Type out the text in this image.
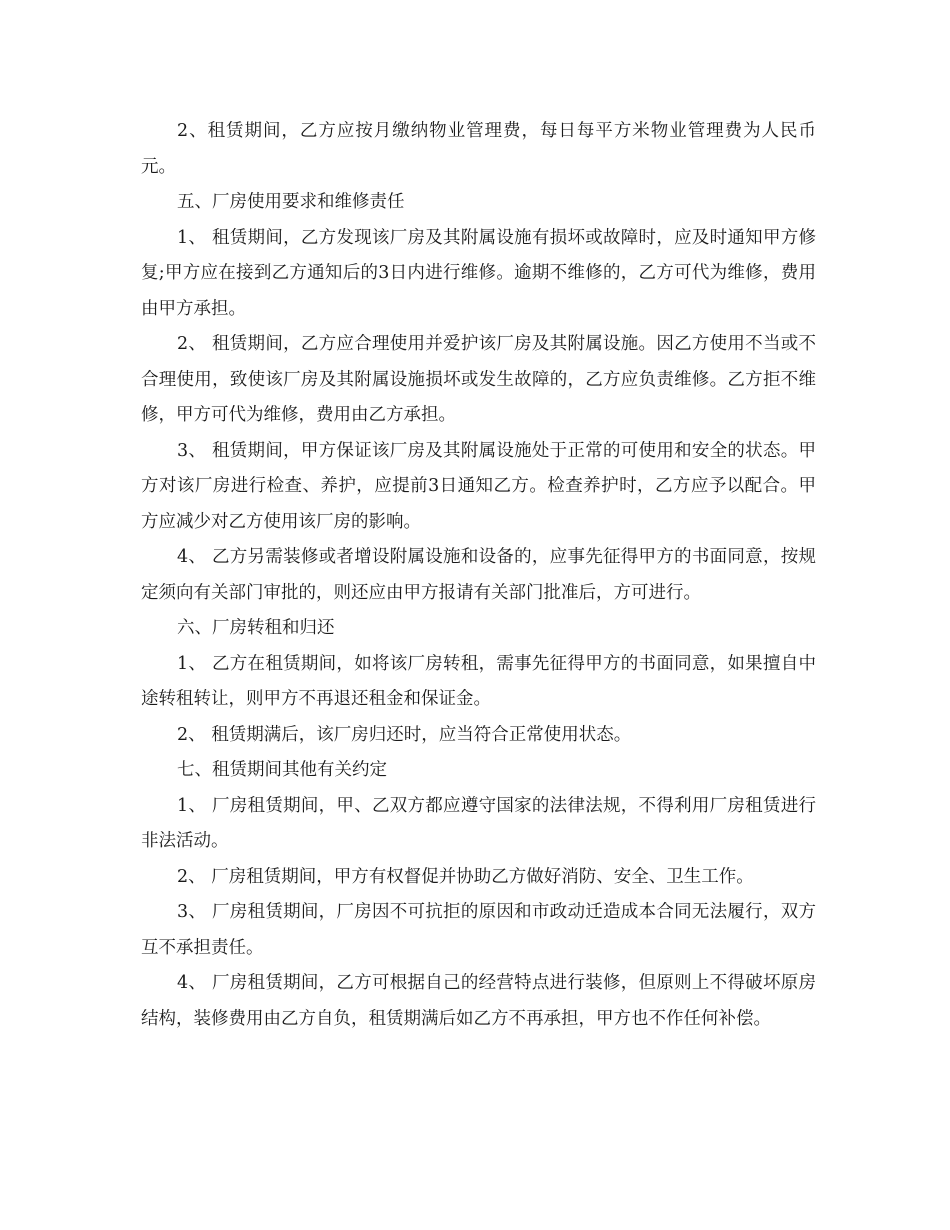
2、租赁期间，乙方应按月缴纳物业管理费，每日每平方米物业管理费为人民币 元。

五、厂房使用要求和维修责任

1、 租赁期间，乙方发现该厂房及其附属设施有损坏或故障时，应及时通知甲方修复;甲方应在接到乙方通知后的3日内进行维修。逾期不维修的，乙方可代为维修，费用由甲方承担。

2、 租赁期间，乙方应合理使用并爱护该厂房及其附属设施。因乙方使用不当或不合理使用，致使该厂房及其附属设施损坏或发生故障的，乙方应负责维修。乙方拒不维修，甲方可代为维修，费用由乙方承担。

3、 租赁期间，甲方保证该厂房及其附属设施处于正常的可使用和安全的状态。甲方对该厂房进行检查、养护，应提前3日通知乙方。检查养护时，乙方应予以配合。甲方应减少对乙方使用该厂房的影响。

4、 乙方另需装修或者增设附属设施和设备的，应事先征得甲方的书面同意，按规定须向有关部门审批的，则还应由甲方报请有关部门批准后，方可进行。

六、厂房转租和归还

1、 乙方在租赁期间，如将该厂房转租，需事先征得甲方的书面同意，如果擅自中途转租转让，则甲方不再退还租金和保证金。

2、 租赁期满后，该厂房归还时，应当符合正常使用状态。

七、租赁期间其他有关约定

1、 厂房租赁期间，甲、乙双方都应遵守国家的法律法规，不得利用厂房租赁进行非法活动。

2、 厂房租赁期间，甲方有权督促并协助乙方做好消防、安全、卫生工作。

3、 厂房租赁期间，厂房因不可抗拒的原因和市政动迁造成本合同无法履行，双方互不承担责任。

4、 厂房租赁期间，乙方可根据自己的经营特点进行装修，但原则上不得破坏原房结构，装修费用由乙方自负，租赁期满后如乙方不再承担，甲方也不作任何补偿。
